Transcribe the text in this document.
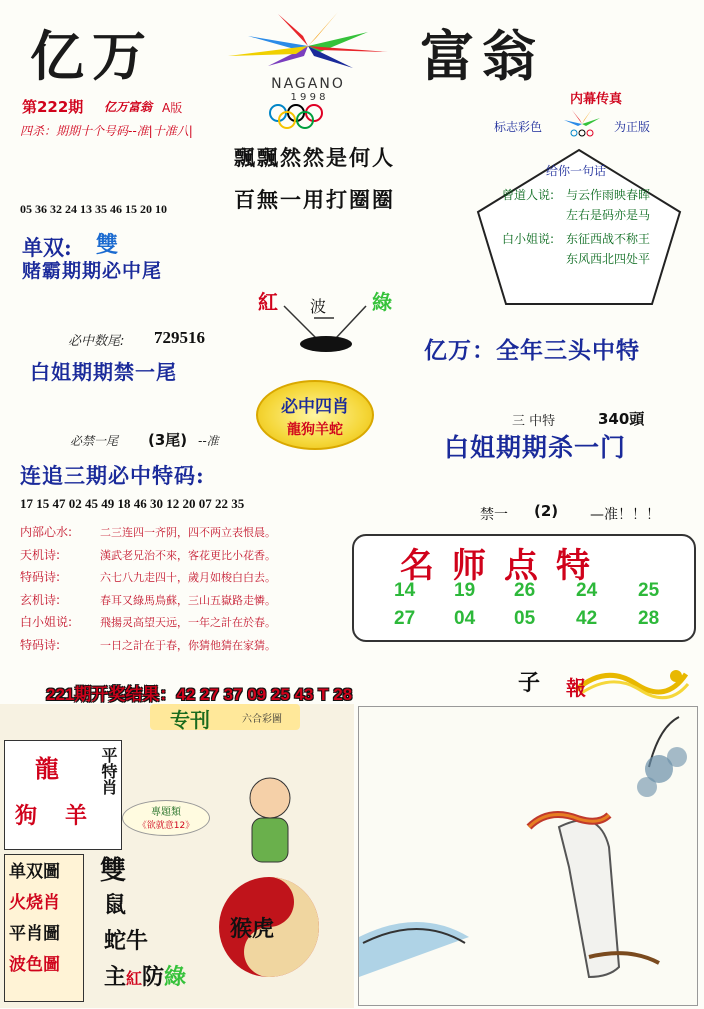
亿万	富翁
NAGANO
1 9 9 8
第222期 亿万富翁 A版
四杀：期期十个号码--准|十准八|
飄飄然然是何人
百無一用打圈圈
05 36 32 24 13 35 46 15 20 10
单双: 雙
赌霸期期必中尾
紅 波 綠
必中数尾: 729516
白姐期期禁一尾
必中四肖
龍狗羊蛇
必禁一尾 (3尾) --准
连追三期必中特码:
17 15 47 02 45 49 18 46 30 12 20 07 22 35
内部心水:	二三连四一齐阴，四不两立表恨晨。
天机诗:	漢武老兄治不來，客花更比小花香。
特码诗:	六七八九走四十，歲月如梭白白去。
玄机诗:	春耳又綠馬鳥蘇，三山五嶽路走憐。
白小姐说:	飛揚灵高望天远，一年之計在於春。
特码诗:	一日之計在于春，你猜他猜在家猜。
221期开奖结果：42 27 37 09 25 43 T 28
内幕传真
标志彩色	为正版
给你一句话
曾道人说: 与云作雨映春晖
左右是码亦是马
白小姐说: 东征西战不称王
东风西北四处平
亿万：全年三头中特
三 中特	340頭
白姐期期杀一门
禁一 (2) —准！！！
名师点特
14 19 26 24 25
27 04 05 42 28
子 報
专刊	六合彩圖
龍
狗 羊
平特肖
專題類
《欲就意12》
单双圖
火烧肖
平肖圖
波色圖
雙
鼠
蛇牛
主紅防綠
猴虎
